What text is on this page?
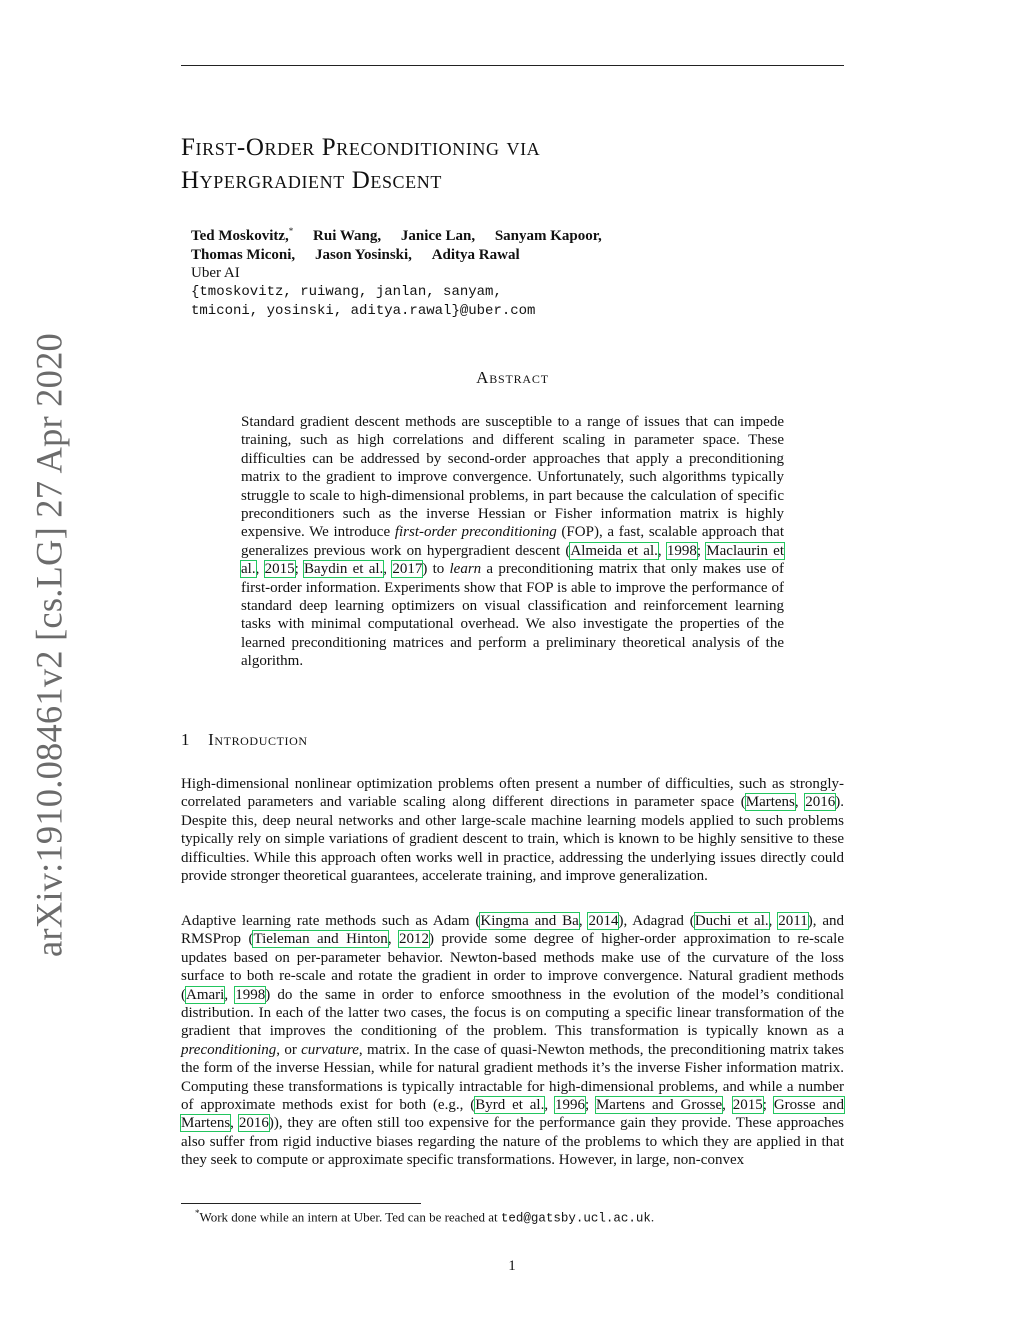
arXiv:1910.08461v2 [cs.LG] 27 Apr 2020
First-Order Preconditioning via
Hypergradient Descent
Ted Moskovitz,* Rui Wang, Janice Lan, Sanyam Kapoor,
Thomas Miconi, Jason Yosinski, Aditya Rawal
Uber AI
{tmoskovitz, ruiwang, janlan, sanyam,
tmiconi, yosinski, aditya.rawal}@uber.com
Abstract
Standard gradient descent methods are susceptible to a range of issues that can impede training, such as high correlations and different scaling in parameter space. These difficulties can be addressed by second-order approaches that apply a preconditioning matrix to the gradient to improve convergence. Unfortunately, such algorithms typically struggle to scale to high-dimensional problems, in part because the calculation of specific preconditioners such as the inverse Hessian or Fisher information matrix is highly expensive. We introduce first-order preconditioning (FOP), a fast, scalable approach that generalizes previous work on hypergradient descent (Almeida et al., 1998; Maclaurin et al., 2015; Baydin et al., 2017) to learn a preconditioning matrix that only makes use of first-order information. Experiments show that FOP is able to improve the performance of standard deep learning optimizers on visual classification and reinforcement learning tasks with minimal computational overhead. We also investigate the properties of the learned preconditioning matrices and perform a preliminary theoretical analysis of the algorithm.
1 Introduction
High-dimensional nonlinear optimization problems often present a number of difficulties, such as strongly-correlated parameters and variable scaling along different directions in parameter space (Martens, 2016). Despite this, deep neural networks and other large-scale machine learning models applied to such problems typically rely on simple variations of gradient descent to train, which is known to be highly sensitive to these difficulties. While this approach often works well in practice, addressing the underlying issues directly could provide stronger theoretical guarantees, accelerate training, and improve generalization.
Adaptive learning rate methods such as Adam (Kingma and Ba, 2014), Adagrad (Duchi et al., 2011), and RMSProp (Tieleman and Hinton, 2012) provide some degree of higher-order approximation to re-scale updates based on per-parameter behavior. Newton-based methods make use of the curvature of the loss surface to both re-scale and rotate the gradient in order to improve convergence. Natural gradient methods (Amari, 1998) do the same in order to enforce smoothness in the evolution of the model’s conditional distribution. In each of the latter two cases, the focus is on computing a specific linear transformation of the gradient that improves the conditioning of the problem. This transformation is typically known as a preconditioning, or curvature, matrix. In the case of quasi-Newton methods, the preconditioning matrix takes the form of the inverse Hessian, while for natural gradient methods it’s the inverse Fisher information matrix. Computing these transformations is typically intractable for high-dimensional problems, and while a number of approximate methods exist for both (e.g., (Byrd et al., 1996; Martens and Grosse, 2015; Grosse and Martens, 2016)), they are often still too expensive for the performance gain they provide. These approaches also suffer from rigid inductive biases regarding the nature of the problems to which they are applied in that they seek to compute or approximate specific transformations. However, in large, non-convex
*Work done while an intern at Uber. Ted can be reached at ted@gatsby.ucl.ac.uk.
1
